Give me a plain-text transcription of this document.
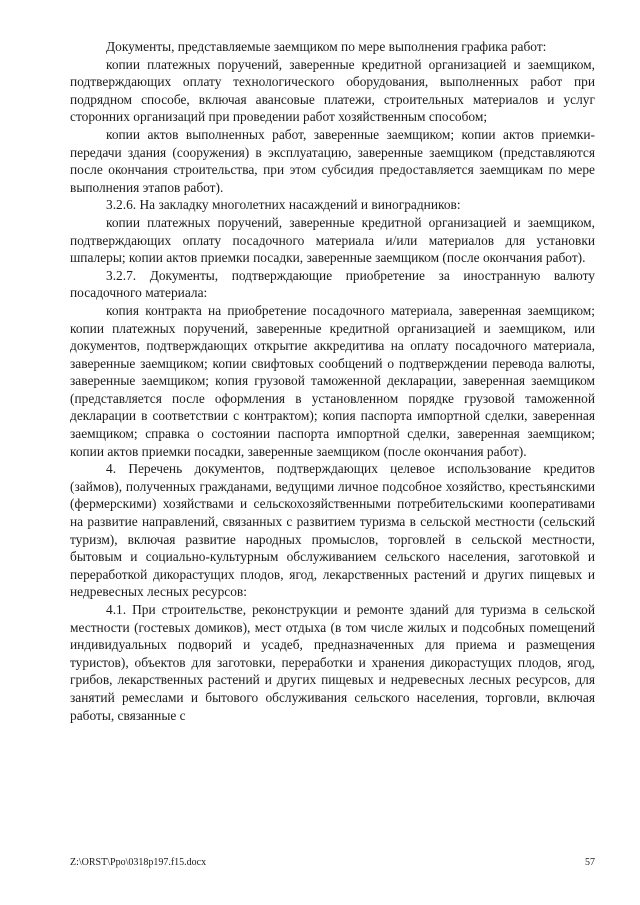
Документы, представляемые заемщиком по мере выполнения графика работ:

копии платежных поручений, заверенные кредитной организацией и заемщиком, подтверждающих оплату технологического оборудования, выполненных работ при подрядном способе, включая авансовые платежи, строительных материалов и услуг сторонних организаций при проведении работ хозяйственным способом;

копии актов выполненных работ, заверенные заемщиком; копии актов приемки-передачи здания (сооружения) в эксплуатацию, заверенные заемщиком (представляются после окончания строительства, при этом субсидия предоставляется заемщикам по мере выполнения этапов работ).

3.2.6. На закладку многолетних насаждений и виноградников:

копии платежных поручений, заверенные кредитной организацией и заемщиком, подтверждающих оплату посадочного материала и/или материалов для установки шпалеры; копии актов приемки посадки, заверенные заемщиком (после окончания работ).

3.2.7. Документы, подтверждающие приобретение за иностранную валюту посадочного материала:

копия контракта на приобретение посадочного материала, заверенная заемщиком; копии платежных поручений, заверенные кредитной организацией и заемщиком, или документов, подтверждающих открытие аккредитива на оплату посадочного материала, заверенные заемщиком; копии свифтовых сообщений о подтверждении перевода валюты, заверенные заемщиком; копия грузовой таможенной декларации, заверенная заемщиком (представляется после оформления в установленном порядке грузовой таможенной декларации в соответствии с контрактом); копия паспорта импортной сделки, заверенная заемщиком; справка о состоянии паспорта импортной сделки, заверенная заемщиком; копии актов приемки посадки, заверенные заемщиком (после окончания работ).

4. Перечень документов, подтверждающих целевое использование кредитов (займов), полученных гражданами, ведущими личное подсобное хозяйство, крестьянскими (фермерскими) хозяйствами и сельскохозяйственными потребительскими кооперативами на развитие направлений, связанных с развитием туризма в сельской местности (сельский туризм), включая развитие народных промыслов, торговлей в сельской местности, бытовым и социально-культурным обслуживанием сельского населения, заготовкой и переработкой дикорастущих плодов, ягод, лекарственных растений и других пищевых и недревесных лесных ресурсов:

4.1. При строительстве, реконструкции и ремонте зданий для туризма в сельской местности (гостевых домиков), мест отдыха (в том числе жилых и подсобных помещений индивидуальных подворий и усадеб, предназначенных для приема и размещения туристов), объектов для заготовки, переработки и хранения дикорастущих плодов, ягод, грибов, лекарственных растений и других пищевых и недревесных лесных ресурсов, для занятий ремеслами и бытового обслуживания сельского населения, торговли, включая работы, связанные с

Z:\ORST\Ppo\0318p197.f15.docx	57
